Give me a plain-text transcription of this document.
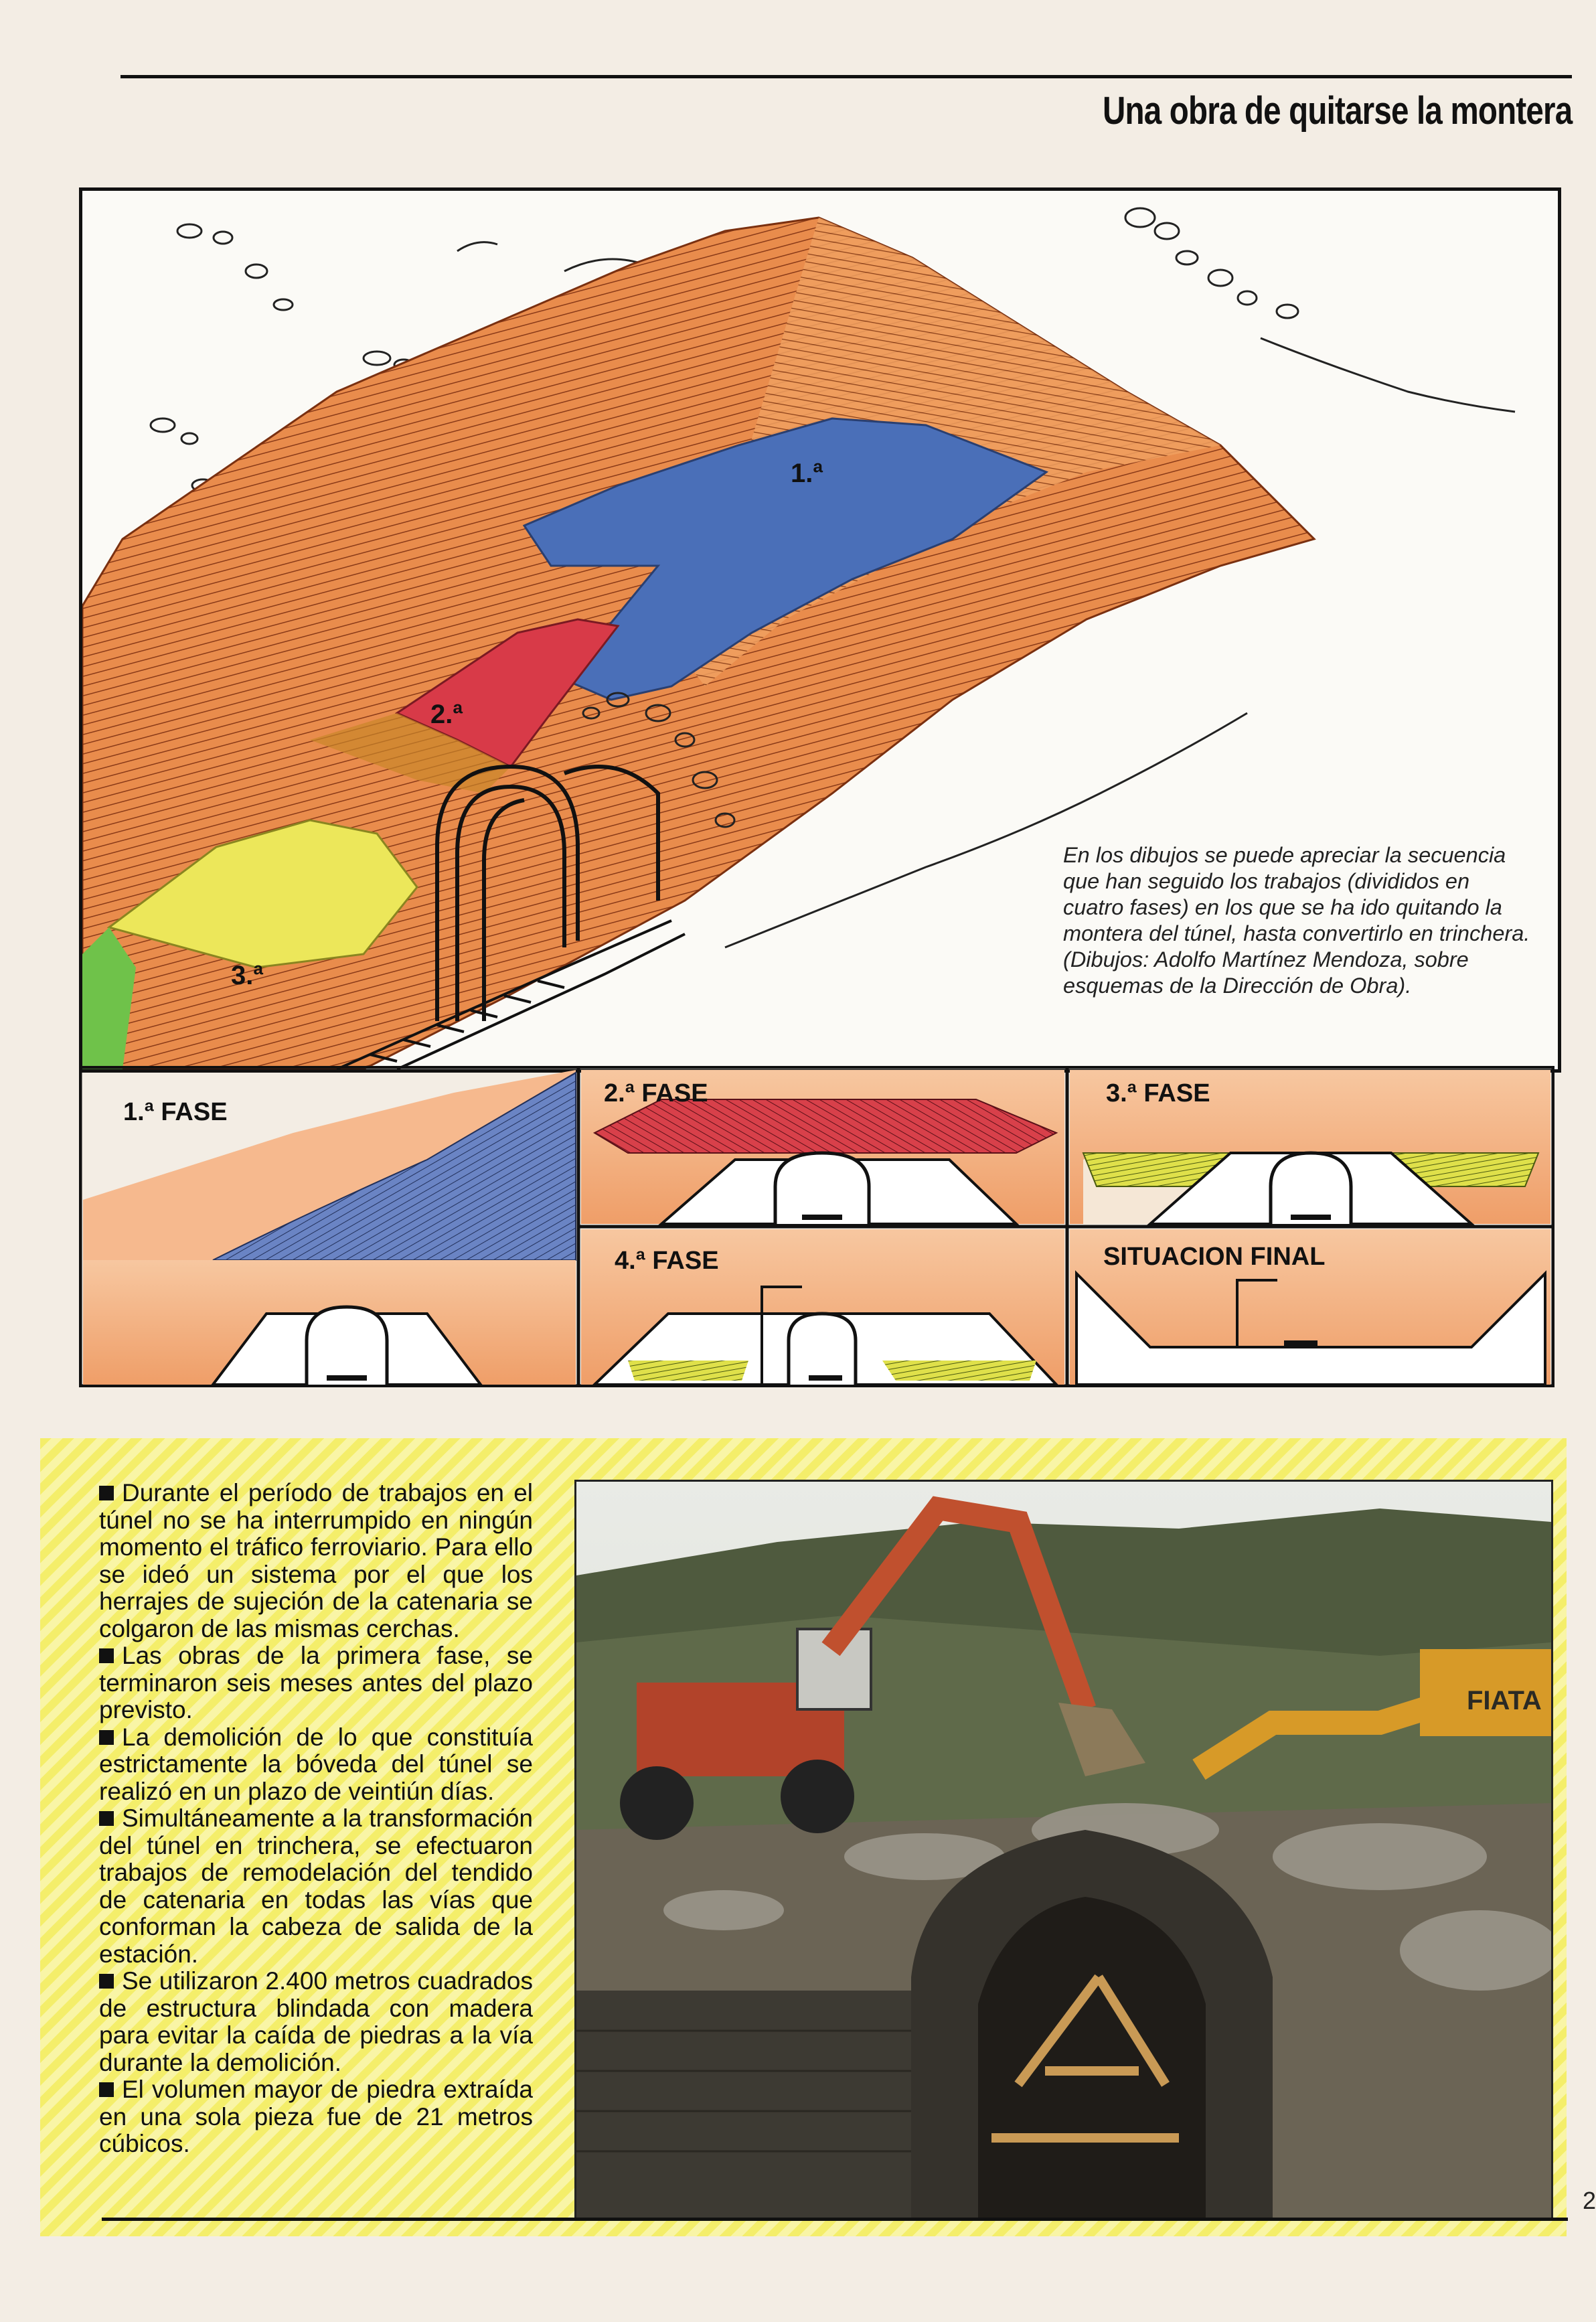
Una obra de quitarse la montera
1.ª
2.ª
3.ª
En los dibujos se puede apreciar la secuencia que han seguido los trabajos (divididos en cuatro fases) en los que se ha ido quitando la montera del túnel, hasta convertirlo en trinchera. (Dibujos: Adolfo Martínez Mendoza, sobre esquemas de la Dirección de Obra).
1.ª FASE
2.ª FASE	3.ª FASE
4.ª FASE	SITUACION FINAL

Durante el período de trabajos en el túnel no se ha interrumpido en ningún momento el tráfico ferroviario. Para ello se ideó un sistema por el que los herrajes de sujeción de la catenaria se colgaron de las mismas cerchas.

Las obras de la primera fase, se terminaron seis meses antes del plazo previsto.

La demolición de lo que constituía estrictamente la bóveda del túnel se realizó en un plazo de veintiún días.

Simultáneamente a la transformación del túnel en trinchera, se efectuaron trabajos de remodelación del tendido de catenaria en todas las vías que conforman la cabeza de salida de la estación.

Se utilizaron 2.400 metros cuadrados de estructura blindada con madera para evitar la caída de piedras a la vía durante la demolición.

El volumen mayor de piedra extraída en una sola pieza fue de 21 metros cúbicos.

FIATA
2
